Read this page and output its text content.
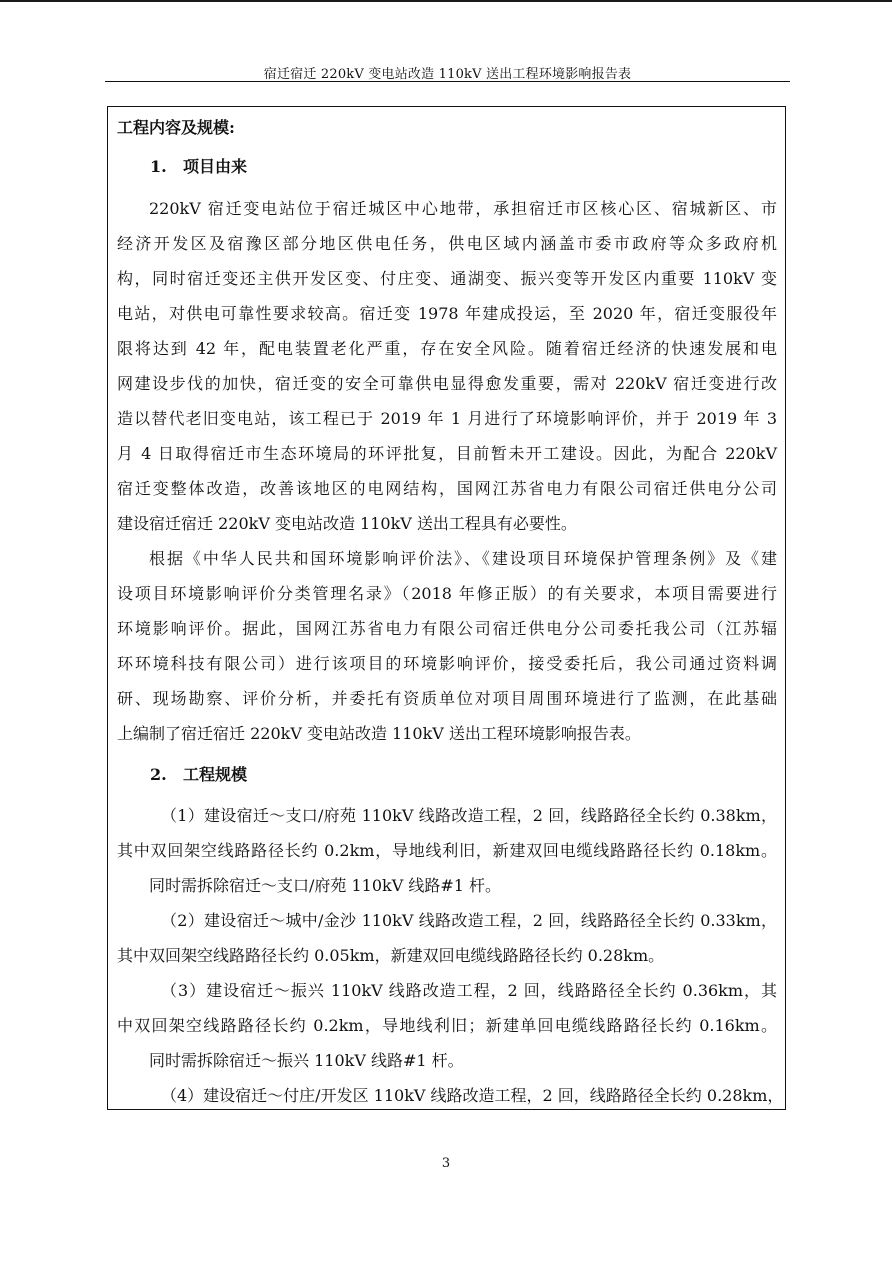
宿迁宿迁 220kV 变电站改造 110kV 送出工程环境影响报告表
工程内容及规模:
1. 项目由来
220kV 宿迁变电站位于宿迁城区中心地带，承担宿迁市区核心区、宿城新区、市
经济开发区及宿豫区部分地区供电任务，供电区域内涵盖市委市政府等众多政府机
构，同时宿迁变还主供开发区变、付庄变、通湖变、振兴变等开发区内重要 110kV 变
电站，对供电可靠性要求较高。宿迁变 1978 年建成投运，至 2020 年，宿迁变服役年
限将达到 42 年，配电装置老化严重，存在安全风险。随着宿迁经济的快速发展和电
网建设步伐的加快，宿迁变的安全可靠供电显得愈发重要，需对 220kV 宿迁变进行改
造以替代老旧变电站，该工程已于 2019 年 1 月进行了环境影响评价，并于 2019 年 3
月 4 日取得宿迁市生态环境局的环评批复，目前暂未开工建设。因此，为配合 220kV
宿迁变整体改造，改善该地区的电网结构，国网江苏省电力有限公司宿迁供电分公司
建设宿迁宿迁 220kV 变电站改造 110kV 送出工程具有必要性。
根据《中华人民共和国环境影响评价法》、《建设项目环境保护管理条例》及《建
设项目环境影响评价分类管理名录》（2018 年修正版）的有关要求，本项目需要进行
环境影响评价。据此，国网江苏省电力有限公司宿迁供电分公司委托我公司（江苏辐
环环境科技有限公司）进行该项目的环境影响评价，接受委托后，我公司通过资料调
研、现场勘察、评价分析，并委托有资质单位对项目周围环境进行了监测，在此基础
上编制了宿迁宿迁 220kV 变电站改造 110kV 送出工程环境影响报告表。
2. 工程规模
（1）建设宿迁～支口/府苑 110kV 线路改造工程，2 回，线路路径全长约 0.38km，
其中双回架空线路路径长约 0.2km，导地线利旧，新建双回电缆线路路径长约 0.18km。
同时需拆除宿迁～支口/府苑 110kV 线路#1 杆。
（2）建设宿迁～城中/金沙 110kV 线路改造工程，2 回，线路路径全长约 0.33km，
其中双回架空线路路径长约 0.05km，新建双回电缆线路路径长约 0.28km。
（3）建设宿迁～振兴 110kV 线路改造工程，2 回，线路路径全长约 0.36km，其
中双回架空线路路径长约 0.2km，导地线利旧；新建单回电缆线路路径长约 0.16km。
同时需拆除宿迁～振兴 110kV 线路#1 杆。
（4）建设宿迁～付庄/开发区 110kV 线路改造工程，2 回，线路路径全长约 0.28km，
3
